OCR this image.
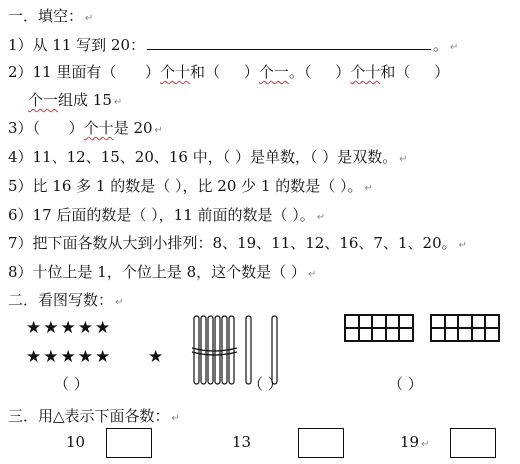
一．填空： ↵
1）从 11 写到 20：	。 ↵
2）11 里面有（ ）个十和（ ）个一。（ ）个十和（ ）
个一组成 15 ↵
3）（ ）个十是 20 ↵
4）11、12、15、20、16 中，（ ）是单数，（ ）是双数。 ↵
5）比 16 多 1 的数是（ ），比 20 少 1 的数是（ ）。 ↵
6）17 后面的数是（ ），11 前面的数是（ ）。 ↵
7）把下面各数从大到小排列：8、19、11、12、16、7、1、20。 ↵
8）十位上是 1，个位上是 8，这个数是（ ） ↵
二．看图写数： ↵
★★★★★
★★★★★ ★
（ ）	（ ）	（ ）
三．用△表示下面各数： ↵
10	13	19 ↵
